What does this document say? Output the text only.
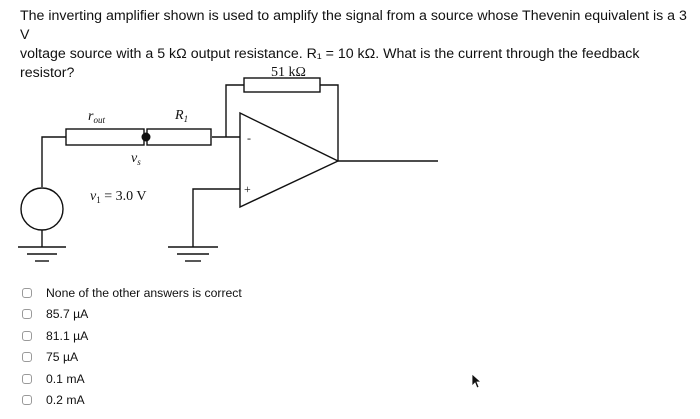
The inverting amplifier shown is used to amplify the signal from a source whose Thevenin equivalent is a 3 V
voltage source with a 5 kΩ output resistance. R₁ = 10 kΩ. What is the current through the feedback resistor?	51 kΩ
$r_{out}$	$R_1$
$v_s$
$v_1 = 3.0$ V
-
+
None of the other answers is correct
85.7 µA
81.1 µA
75 µA
0.1 mA
0.2 mA
